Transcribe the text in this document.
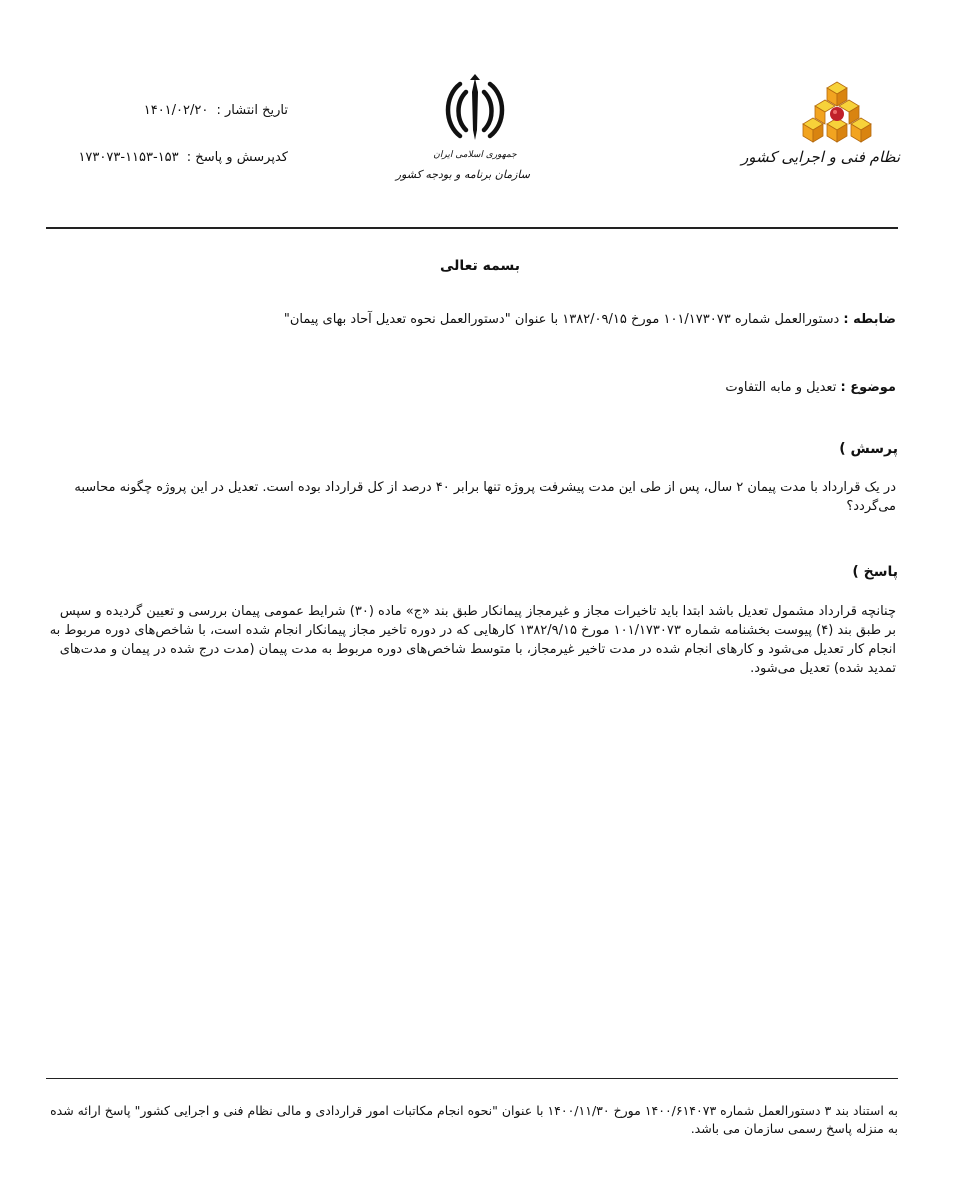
نظام فنی و اجرایی کشور
جمهوری اسلامی ایران
سازمان برنامه و بودجه کشور
تاریخ انتشار : ۱۴۰۱/۰۲/۲۰
کدپرسش و پاسخ : ۱۵۳-۱۱۵۳-۱۷۳۰۷۳
بسمه تعالی
ضابطه : دستورالعمل شماره ۱۰۱/۱۷۳۰۷۳ مورخ ۱۳۸۲/۰۹/۱۵ با عنوان "دستورالعمل نحوه تعدیل آحاد بهای پیمان"
موضوع : تعدیل و مابه التفاوت
پرسش )
در یک قرارداد با مدت پیمان ۲ سال، پس از طی این مدت پیشرفت پروژه تنها برابر ۴۰ درصد از کل قرارداد بوده است. تعدیل در این پروژه چگونه محاسبه می‌گردد؟
پاسخ )
چنانچه قرارداد مشمول تعدیل باشد ابتدا باید تاخیرات مجاز و غیرمجاز پیمانکار طبق بند «ج» ماده (۳۰) شرایط عمومی پیمان بررسی و تعیین گردیده و سپس بر طبق بند (۴) پیوست بخشنامه شماره ۱۰۱/۱۷۳۰۷۳ مورخ ۱۳۸۲/۹/۱۵ کارهایی که در دوره تاخیر مجاز پیمانکار انجام شده است، با شاخص‌های دوره مربوط به انجام کار تعدیل می‌شود و کارهای انجام شده در مدت تاخیر غیرمجاز، با متوسط شاخص‌های دوره مربوط به مدت پیمان (مدت درج شده در پیمان و مدت‌های تمدید شده) تعدیل می‌شود.
به استناد بند ۳ دستورالعمل شماره ۱۴۰۰/۶۱۴۰۷۳ مورخ ۱۴۰۰/۱۱/۳۰ با عنوان "نحوه انجام مکاتبات امور قراردادی و مالی نظام فنی و اجرایی کشور" پاسخ ارائه شده به منزله پاسخ رسمی سازمان می باشد.
